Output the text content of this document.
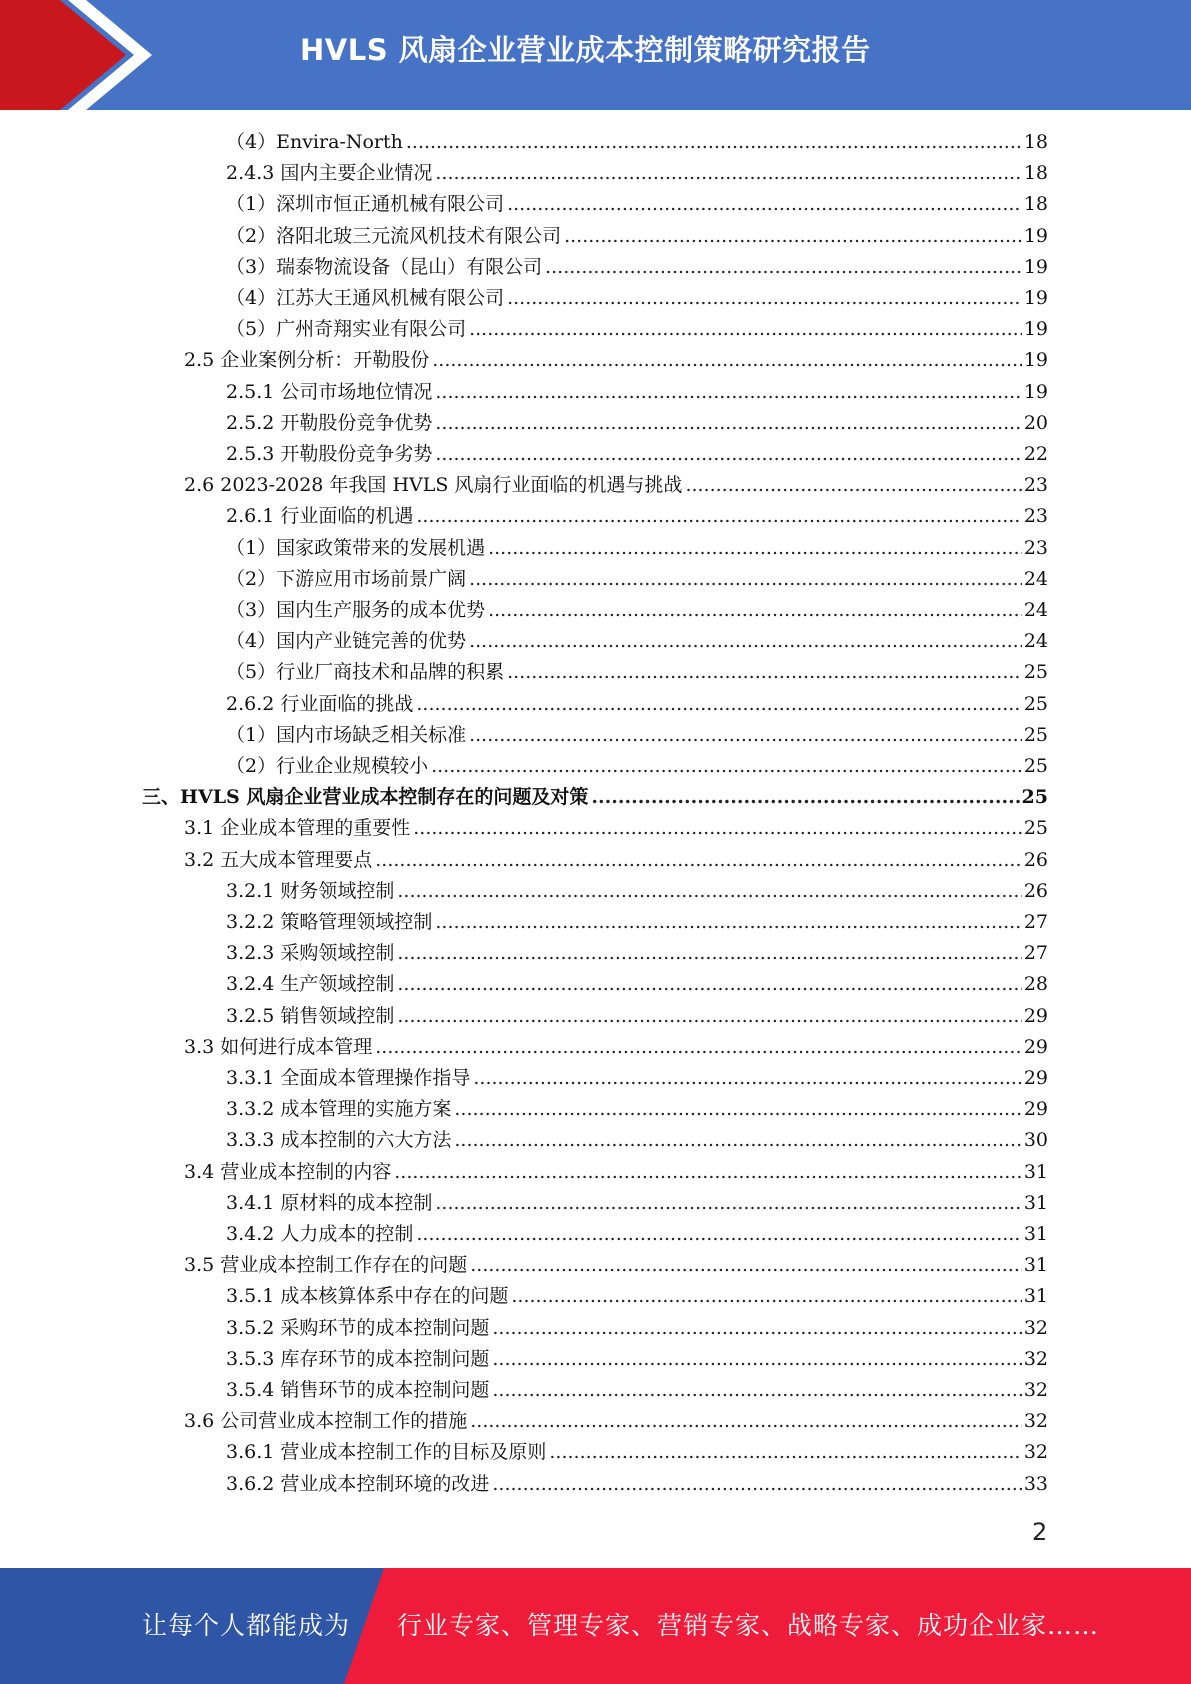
HVLS 风扇企业营业成本控制策略研究报告
（4）Envira-North .....	18
2.4.3 国内主要企业情况 .....	18
（1）深圳市恒正通机械有限公司 .....	18
（2）洛阳北玻三元流风机技术有限公司 .....	19
（3）瑞泰物流设备（昆山）有限公司 .....	19
（4）江苏大王通风机械有限公司 .....	19
（5）广州奇翔实业有限公司 .....	19
2.5 企业案例分析：开勒股份 .....	19
2.5.1 公司市场地位情况 .....	19
2.5.2 开勒股份竞争优势 .....	20
2.5.3 开勒股份竞争劣势 .....	22
2.6 2023-2028 年我国 HVLS 风扇行业面临的机遇与挑战 .....	23
2.6.1 行业面临的机遇 .....	23
（1）国家政策带来的发展机遇 .....	23
（2）下游应用市场前景广阔 .....	24
（3）国内生产服务的成本优势 .....	24
（4）国内产业链完善的优势 .....	24
（5）行业厂商技术和品牌的积累 .....	25
2.6.2 行业面临的挑战 .....	25
（1）国内市场缺乏相关标准 .....	25
（2）行业企业规模较小 .....	25
三、HVLS 风扇企业营业成本控制存在的问题及对策 .....	25
3.1 企业成本管理的重要性 .....	25
3.2 五大成本管理要点 .....	26
3.2.1 财务领域控制 .....	26
3.2.2 策略管理领域控制 .....	27
3.2.3 采购领域控制 .....	27
3.2.4 生产领域控制 .....	28
3.2.5 销售领域控制 .....	29
3.3 如何进行成本管理 .....	29
3.3.1 全面成本管理操作指导 .....	29
3.3.2 成本管理的实施方案 .....	29
3.3.3 成本控制的六大方法 .....	30
3.4 营业成本控制的内容 .....	31
3.4.1 原材料的成本控制 .....	31
3.4.2 人力成本的控制 .....	31
3.5 营业成本控制工作存在的问题 .....	31
3.5.1 成本核算体系中存在的问题 .....	31
3.5.2 采购环节的成本控制问题 .....	32
3.5.3 库存环节的成本控制问题 .....	32
3.5.4 销售环节的成本控制问题 .....	32
3.6 公司营业成本控制工作的措施 .....	32
3.6.1 营业成本控制工作的目标及原则 .....	32
3.6.2 营业成本控制环境的改进 .....	33
2
让每个人都能成为 行业专家、管理专家、营销专家、战略专家、成功企业家……
